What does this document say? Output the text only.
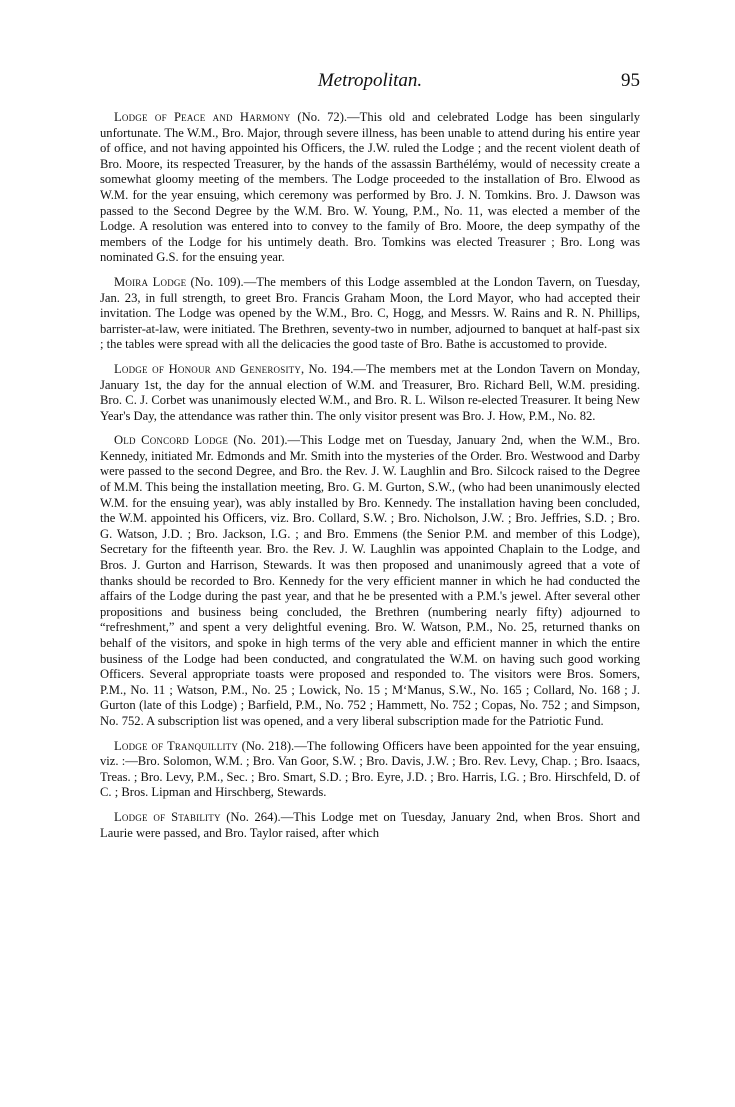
Metropolitan.	95

Lodge of Peace and Harmony (No. 72).—This old and celebrated Lodge has been singularly unfortunate. The W.M., Bro. Major, through severe illness, has been unable to attend during his entire year of office, and not having appointed his Officers, the J.W. ruled the Lodge ; and the recent violent death of Bro. Moore, its respected Treasurer, by the hands of the assassin Barthélémy, would of necessity create a somewhat gloomy meeting of the members. The Lodge proceeded to the installation of Bro. Elwood as W.M. for the year ensuing, which ceremony was performed by Bro. J. N. Tomkins. Bro. J. Dawson was passed to the Second Degree by the W.M. Bro. W. Young, P.M., No. 11, was elected a member of the Lodge. A resolution was entered into to convey to the family of Bro. Moore, the deep sympathy of the members of the Lodge for his untimely death. Bro. Tomkins was elected Treasurer ; Bro. Long was nominated G.S. for the ensuing year.

Moira Lodge (No. 109).—The members of this Lodge assembled at the London Tavern, on Tuesday, Jan. 23, in full strength, to greet Bro. Francis Graham Moon, the Lord Mayor, who had accepted their invitation. The Lodge was opened by the W.M., Bro. C, Hogg, and Messrs. W. Rains and R. N. Phillips, barrister-at-law, were initiated. The Brethren, seventy-two in number, adjourned to banquet at half-past six ; the tables were spread with all the delicacies the good taste of Bro. Bathe is accustomed to provide.

Lodge of Honour and Generosity, No. 194.—The members met at the London Tavern on Monday, January 1st, the day for the annual election of W.M. and Treasurer, Bro. Richard Bell, W.M. presiding. Bro. C. J. Corbet was unanimously elected W.M., and Bro. R. L. Wilson re-elected Treasurer. It being New Year's Day, the attendance was rather thin. The only visitor present was Bro. J. How, P.M., No. 82.

Old Concord Lodge (No. 201).—This Lodge met on Tuesday, January 2nd, when the W.M., Bro. Kennedy, initiated Mr. Edmonds and Mr. Smith into the mysteries of the Order. Bro. Westwood and Darby were passed to the second Degree, and Bro. the Rev. J. W. Laughlin and Bro. Silcock raised to the Degree of M.M. This being the installation meeting, Bro. G. M. Gurton, S.W., (who had been unanimously elected W.M. for the ensuing year), was ably installed by Bro. Kennedy. The installation having been concluded, the W.M. appointed his Officers, viz. Bro. Collard, S.W. ; Bro. Nicholson, J.W. ; Bro. Jeffries, S.D. ; Bro. G. Watson, J.D. ; Bro. Jackson, I.G. ; and Bro. Emmens (the Senior P.M. and member of this Lodge), Secretary for the fifteenth year. Bro. the Rev. J. W. Laughlin was appointed Chaplain to the Lodge, and Bros. J. Gurton and Harrison, Stewards. It was then proposed and unanimously agreed that a vote of thanks should be recorded to Bro. Kennedy for the very efficient manner in which he had conducted the affairs of the Lodge during the past year, and that he be presented with a P.M.'s jewel. After several other propositions and business being concluded, the Brethren (numbering nearly fifty) adjourned to “refreshment,” and spent a very delightful evening. Bro. W. Watson, P.M., No. 25, returned thanks on behalf of the visitors, and spoke in high terms of the very able and efficient manner in which the entire business of the Lodge had been conducted, and congratulated the W.M. on having such good working Officers. Several appropriate toasts were proposed and responded to. The visitors were Bros. Somers, P.M., No. 11 ; Watson, P.M., No. 25 ; Lowick, No. 15 ; M‘Manus, S.W., No. 165 ; Collard, No. 168 ; J. Gurton (late of this Lodge) ; Barfield, P.M., No. 752 ; Hammett, No. 752 ; Copas, No. 752 ; and Simpson, No. 752. A subscription list was opened, and a very liberal subscription made for the Patriotic Fund.

Lodge of Tranquillity (No. 218).—The following Officers have been appointed for the year ensuing, viz. :—Bro. Solomon, W.M. ; Bro. Van Goor, S.W. ; Bro. Davis, J.W. ; Bro. Rev. Levy, Chap. ; Bro. Isaacs, Treas. ; Bro. Levy, P.M., Sec. ; Bro. Smart, S.D. ; Bro. Eyre, J.D. ; Bro. Harris, I.G. ; Bro. Hirschfeld, D. of C. ; Bros. Lipman and Hirschberg, Stewards.

Lodge of Stability (No. 264).—This Lodge met on Tuesday, January 2nd, when Bros. Short and Laurie were passed, and Bro. Taylor raised, after which
